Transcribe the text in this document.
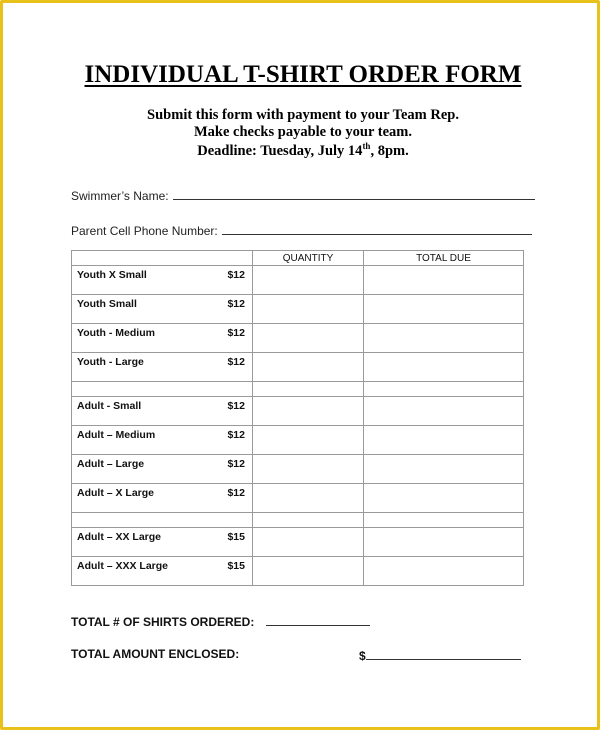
INDIVIDUAL T-SHIRT ORDER FORM
Submit this form with payment to your Team Rep.
Make checks payable to your team.
Deadline: Tuesday, July 14th, 8pm.
Swimmer’s Name:
Parent Cell Phone Number:
	QUANTITY	TOTAL DUE

Youth X Small $12		

Youth Small $12		

Youth - Medium $12		

Youth - Large $12		

Adult - Small $12		

Adult – Medium $12		

Adult – Large $12		

Adult – X Large $12		

Adult – XX Large $15		

Adult – XXX Large $15		

TOTAL # OF SHIRTS ORDERED:
TOTAL AMOUNT ENCLOSED:	$
